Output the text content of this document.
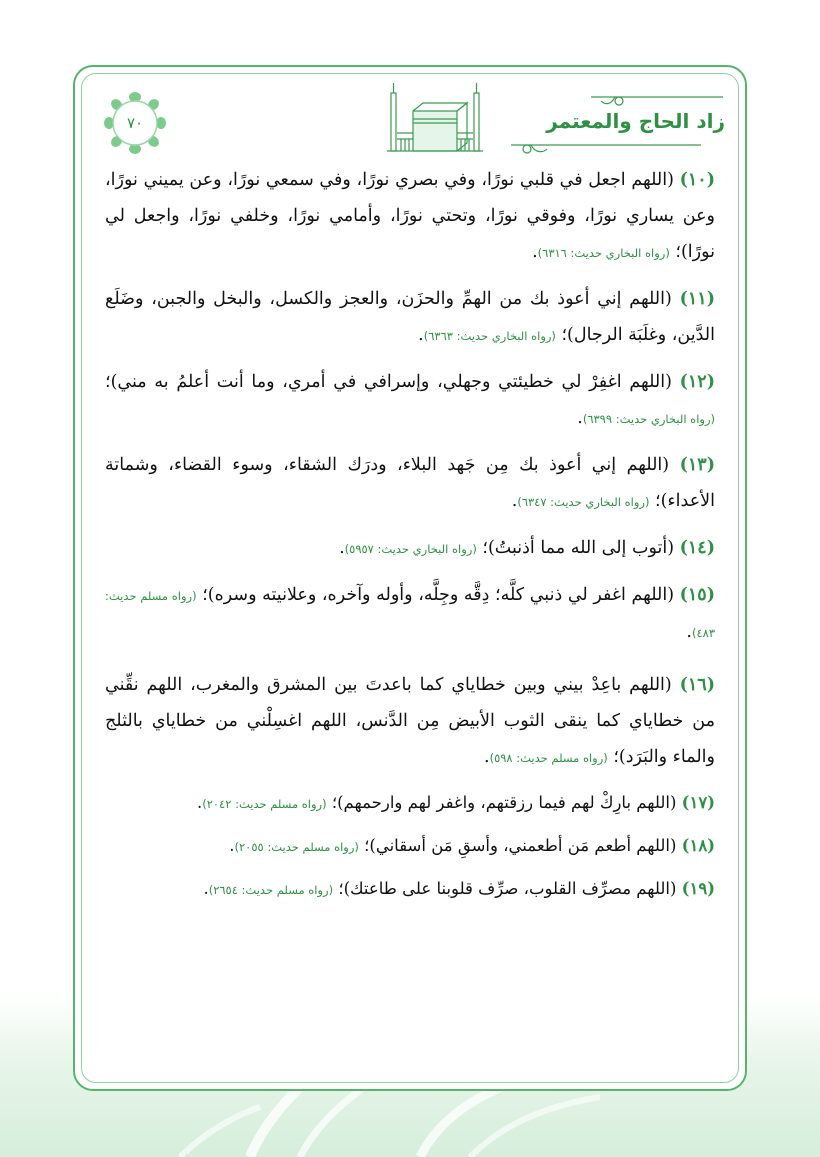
٧٠	زاد الحاج والمعتمر

(١٠) (اللهم اجعل في قلبي نورًا، وفي بصري نورًا، وفي سمعي نورًا، وعن يميني نورًا، وعن يساري نورًا، وفوقي نورًا، وتحتي نورًا، وأمامي نورًا، وخلفي نورًا، واجعل لي نورًا)؛ (رواه البخاري حديث: ٦٣١٦).

(١١) (اللهم إني أعوذ بك من الهمِّ والحزَن، والعجز والكسل، والبخل والجبن، وضَلَع الدَّين، وغلَبَة الرجال)؛ (رواه البخاري حديث: ٦٣٦٣).

(١٢) (اللهم اغفِرْ لي خطيئتي وجهلي، وإسرافي في أمري، وما أنت أعلمُ به مني)؛ (رواه البخاري حديث: ٦٣٩٩).

(١٣) (اللهم إني أعوذ بك مِن جَهد البلاء، ودرَك الشقاء، وسوء القضاء، وشماتة الأعداء)؛ (رواه البخاري حديث: ٦٣٤٧).

(١٤) (أتوب إلى الله مما أذنبتُ)؛ (رواه البخاري حديث: ٥٩٥٧).

(١٥) (اللهم اغفر لي ذنبي كلَّه؛ دِقَّه وجِلَّه، وأوله وآخره، وعلانيته وسره)؛ (رواه مسلم حديث: ٤٨٣).

(١٦) (اللهم باعِدْ بيني وبين خطاياي كما باعدتَ بين المشرق والمغرب، اللهم نقِّني من خطاياي كما ينقى الثوب الأبيض مِن الدَّنس، اللهم اغسِلْني من خطاياي بالثلج والماء والبَرَد)؛ (رواه مسلم حديث: ٥٩٨).

(١٧) (اللهم بارِكْ لهم فيما رزقتهم، واغفر لهم وارحمهم)؛ (رواه مسلم حديث: ٢٠٤٢).

(١٨) (اللهم أطعم مَن أطعمني، وأسقِ مَن أسقاني)؛ (رواه مسلم حديث: ٢٠٥٥).

(١٩) (اللهم مصرِّف القلوب، صرِّف قلوبنا على طاعتك)؛ (رواه مسلم حديث: ٢٦٥٤).
